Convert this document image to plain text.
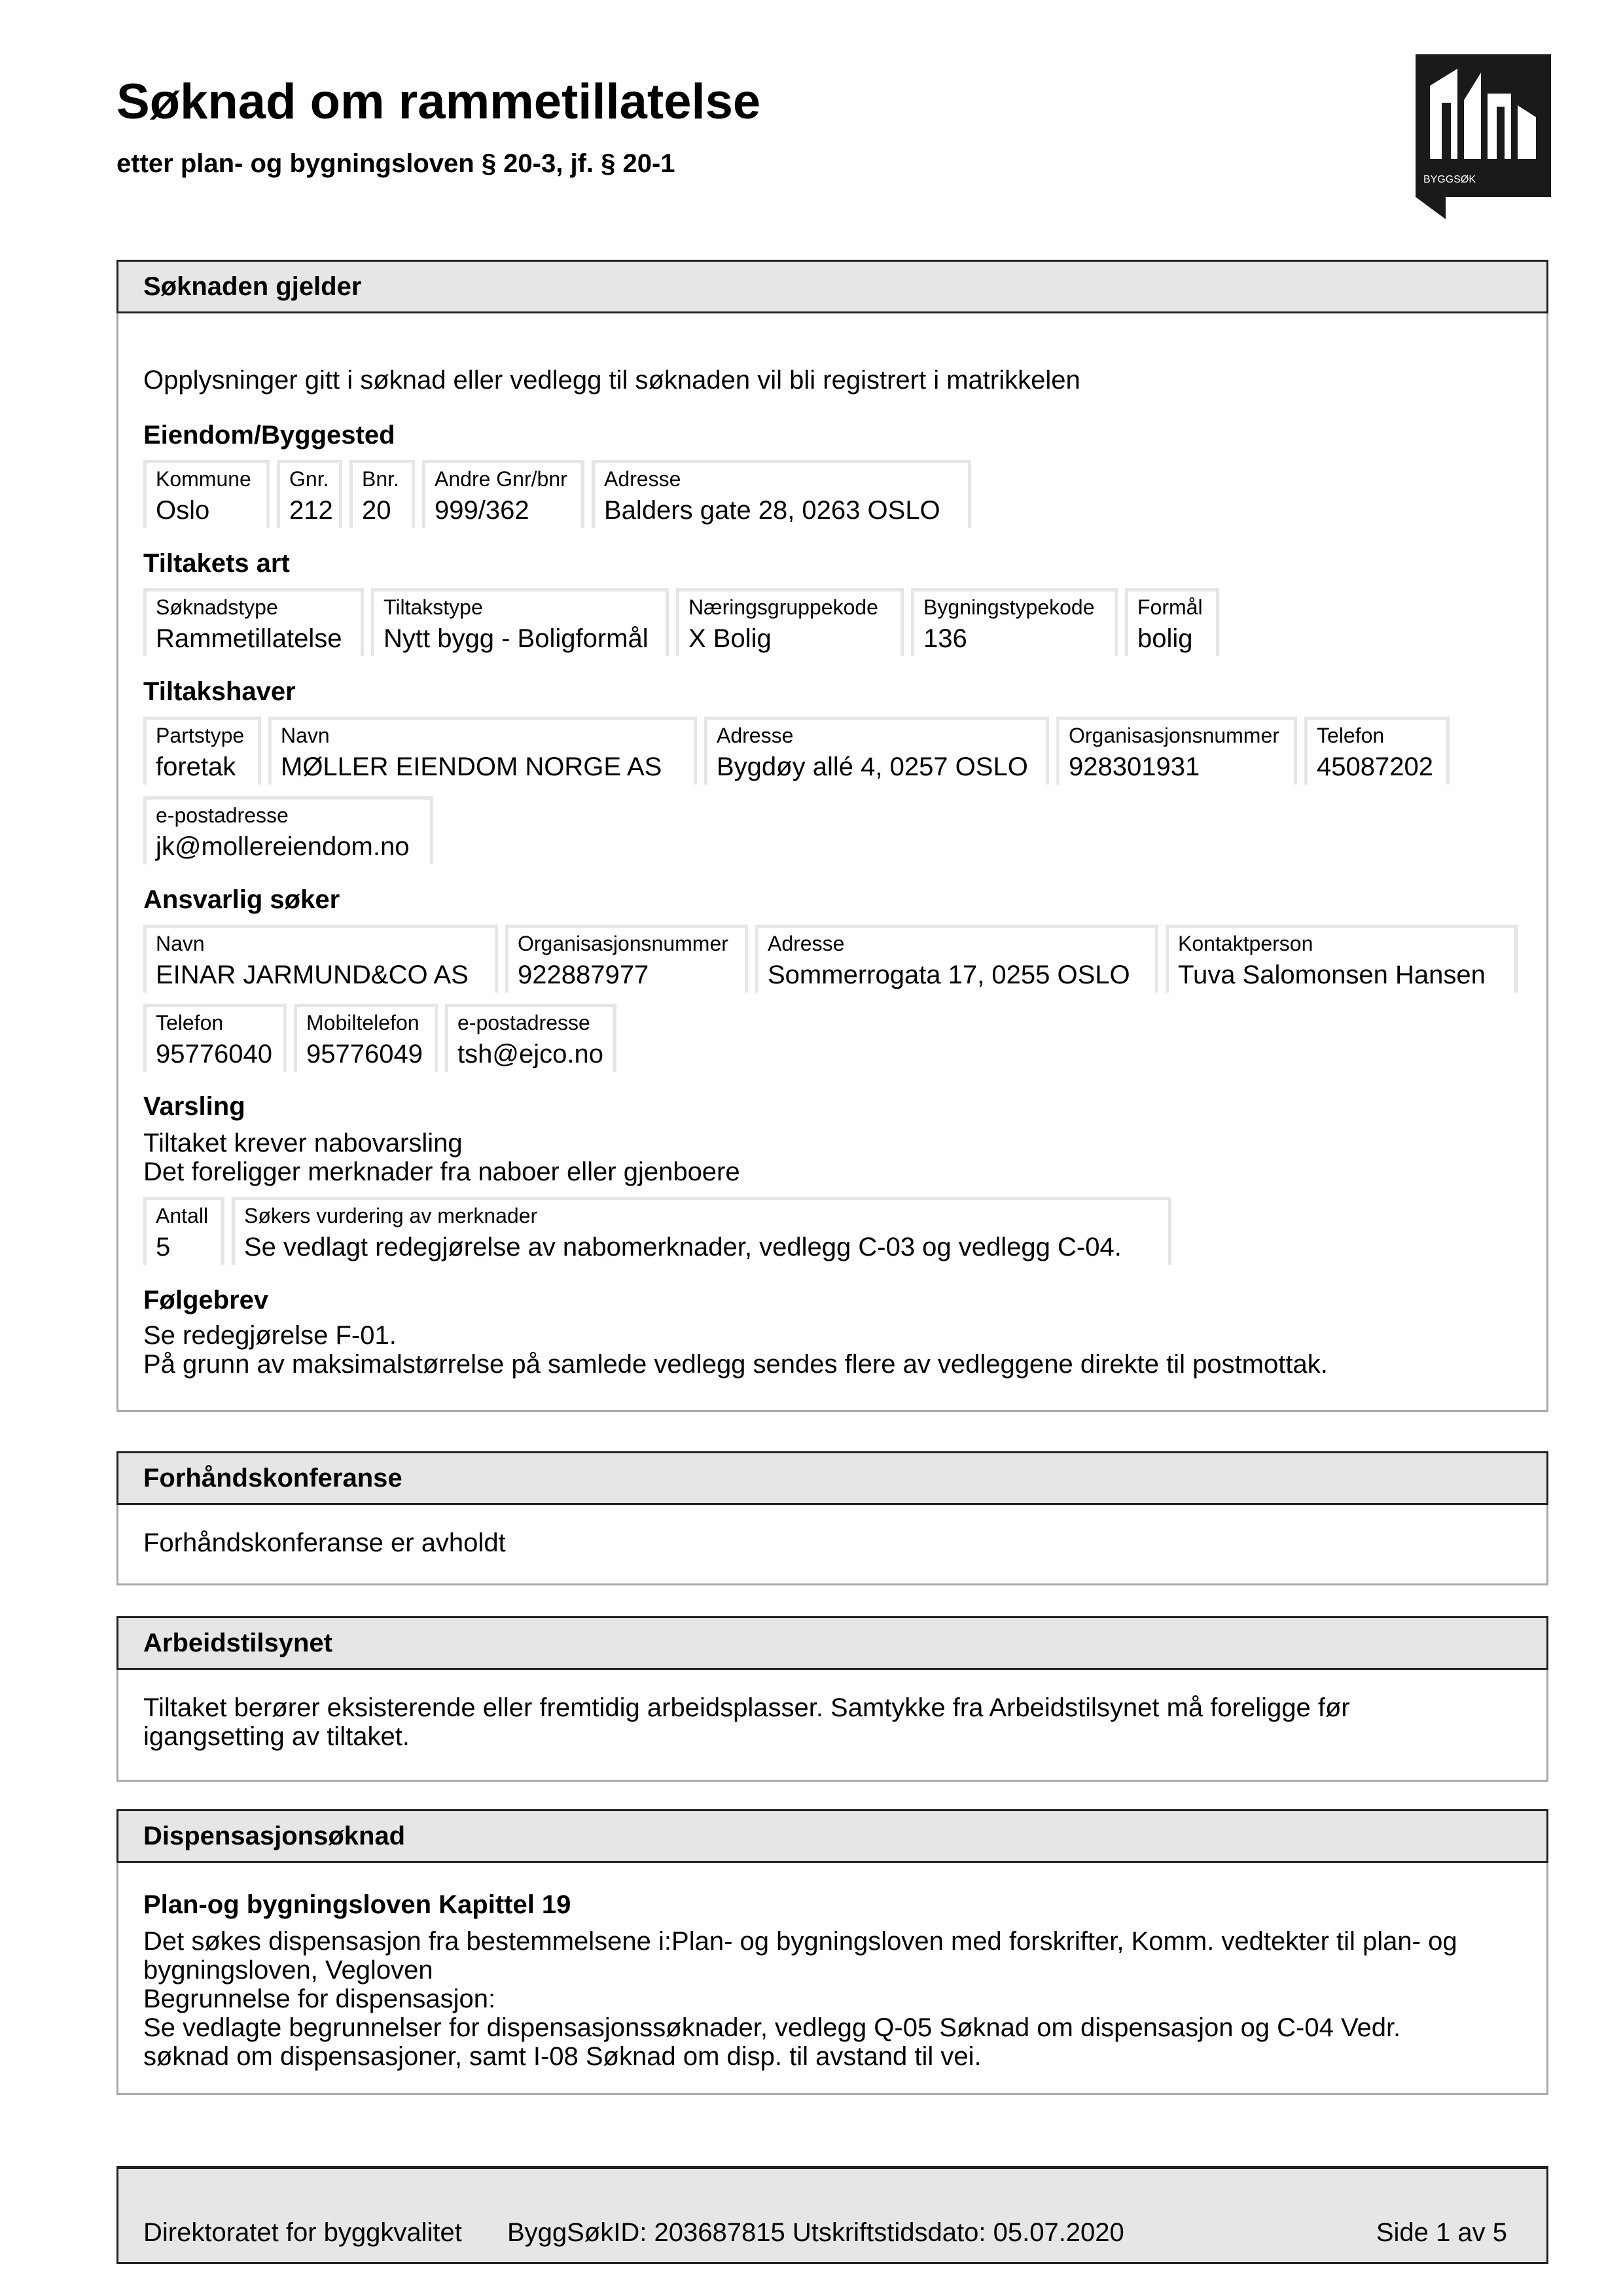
Søknad om rammetillatelse
etter plan- og bygningsloven § 20-3, jf. § 20-1
BYGGSØK
Søknaden gjelder
Opplysninger gitt i søknad eller vedlegg til søknaden vil bli registrert i matrikkelen
Eiendom/Byggested
Kommune
Oslo
Gnr.
212
Bnr.
20
Andre Gnr/bnr
999/362
Adresse
Balders gate 28, 0263 OSLO
Tiltakets art
Søknadstype
Rammetillatelse
Tiltakstype
Nytt bygg - Boligformål
Næringsgruppekode
X Bolig
Bygningstypekode
136
Formål
bolig
Tiltakshaver
Partstype
foretak
Navn
MØLLER EIENDOM NORGE AS
Adresse
Bygdøy allé 4, 0257 OSLO
Organisasjonsnummer
928301931
Telefon
45087202
e-postadresse
jk@mollereiendom.no
Ansvarlig søker
Navn
EINAR JARMUND&CO AS
Organisasjonsnummer
922887977
Adresse
Sommerrogata 17, 0255 OSLO
Kontaktperson
Tuva Salomonsen Hansen
Telefon
95776040
Mobiltelefon
95776049
e-postadresse
tsh@ejco.no
Varsling
Tiltaket krever nabovarsling
Det foreligger merknader fra naboer eller gjenboere
Antall
5
Søkers vurdering av merknader
Se vedlagt redegjørelse av nabomerknader, vedlegg C-03 og vedlegg C-04.
Følgebrev
Se redegjørelse F-01.
På grunn av maksimalstørrelse på samlede vedlegg sendes flere av vedleggene direkte til postmottak.
Forhåndskonferanse
Forhåndskonferanse er avholdt
Arbeidstilsynet
Tiltaket berører eksisterende eller fremtidig arbeidsplasser. Samtykke fra Arbeidstilsynet må foreligge før
igangsetting av tiltaket.
Dispensasjonsøknad
Plan-og bygningsloven Kapittel 19
Det søkes dispensasjon fra bestemmelsene i:Plan- og bygningsloven med forskrifter, Komm. vedtekter til plan- og
bygningsloven, Vegloven
Begrunnelse for dispensasjon:
Se vedlagte begrunnelser for dispensasjonssøknader, vedlegg Q-05 Søknad om dispensasjon og C-04 Vedr.
søknad om dispensasjoner, samt I-08 Søknad om disp. til avstand til vei.
Direktoratet for byggkvalitet ByggSøkID: 203687815 Utskriftstidsdato: 05.07.2020	Side 1 av 5
